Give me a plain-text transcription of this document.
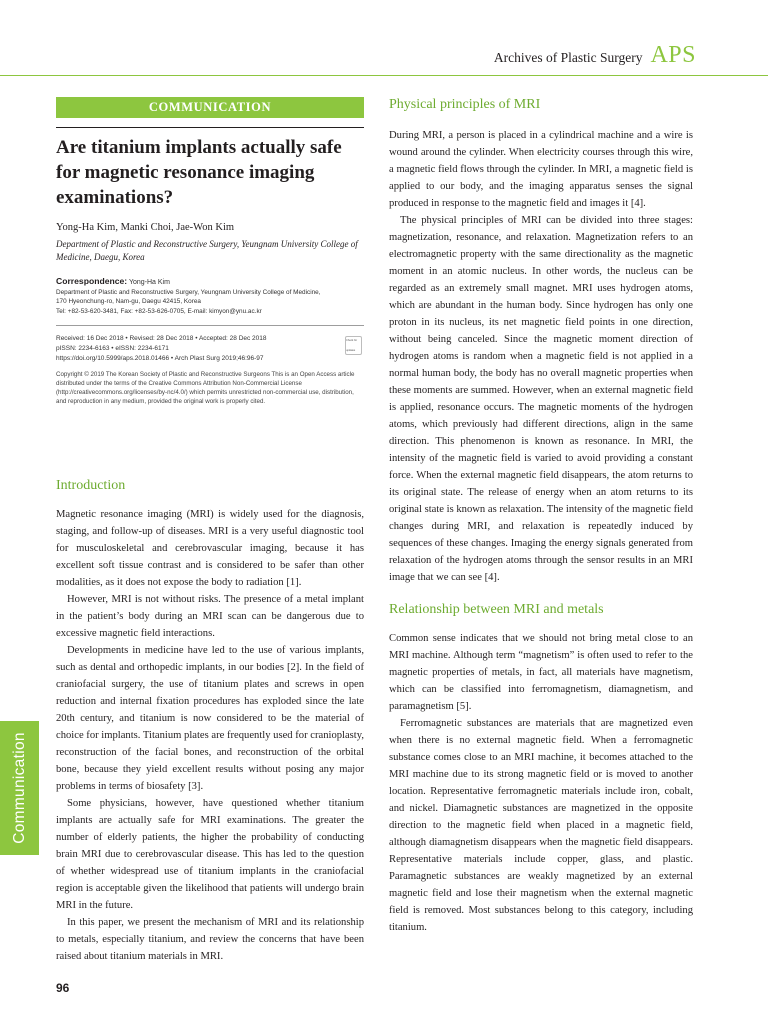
Archives of Plastic Surgery APS
COMMUNICATION
Are titanium implants actually safe for magnetic resonance imaging examinations?

Yong-Ha Kim, Manki Choi, Jae-Won Kim

Department of Plastic and Reconstructive Surgery, Yeungnam University College of Medicine, Daegu, Korea

Correspondence: Yong-Ha Kim
Department of Plastic and Reconstructive Surgery, Yeungnam University College of Medicine,
170 Hyeonchung-ro, Nam-gu, Daegu 42415, Korea
Tel: +82-53-620-3481, Fax: +82-53-626-0705, E-mail: kimyon@ynu.ac.kr
Received: 16 Dec 2018 • Revised: 28 Dec 2018 • Accepted: 28 Dec 2018
pISSN: 2234-6163 • eISSN: 2234-6171
https://doi.org/10.5999/aps.2018.01466 • Arch Plast Surg 2019;46:96-97
Check for updates
Copyright © 2019 The Korean Society of Plastic and Reconstructive Surgeons This is an Open Access article distributed under the terms of the Creative Commons Attribution Non-Commercial License (http://creativecommons.org/licenses/by-nc/4.0/) which permits unrestricted non-commercial use, distribution, and reproduction in any medium, provided the original work is properly cited.
Introduction

Magnetic resonance imaging (MRI) is widely used for the diagnosis, staging, and follow-up of diseases. MRI is a very useful diagnostic tool for musculoskeletal and cerebrovascular imaging, because it has excellent soft tissue contrast and is considered to be safer than other modalities, as it does not expose the body to radiation [1].

However, MRI is not without risks. The presence of a metal implant in the patient’s body during an MRI scan can be dangerous due to excessive magnetic field interactions.

Developments in medicine have led to the use of various implants, such as dental and orthopedic implants, in our bodies [2]. In the field of craniofacial surgery, the use of titanium plates and screws in open reduction and internal fixation procedures has exploded since the late 20th century, and titanium is now considered to be the material of choice for implants. Titanium plates are frequently used for cranioplasty, reconstruction of the facial bones, and reconstruction of the orbital bone, because they yield excellent results without posing any major problems in terms of biosafety [3].

Some physicians, however, have questioned whether titanium implants are actually safe for MRI examinations. The greater the number of elderly patients, the higher the probability of conducting brain MRI due to cerebrovascular disease. This has led to the question of whether widespread use of titanium implants in the craniofacial region is acceptable given the likelihood that patients will undergo brain MRI in the future.

In this paper, we present the mechanism of MRI and its relationship to metals, especially titanium, and review the concerns that have been raised about titanium materials in MRI.

Physical principles of MRI

During MRI, a person is placed in a cylindrical machine and a wire is wound around the cylinder. When electricity courses through this wire, a magnetic field flows through the cylinder. In MRI, a magnetic field is applied to our body, and the imaging apparatus senses the signal produced in response to the magnetic field and images it [4].

The physical principles of MRI can be divided into three stages: magnetization, resonance, and relaxation. Magnetization refers to an electromagnetic property with the same directionality as the magnetic moment in an atomic nucleus. In other words, the nucleus can be regarded as an extremely small magnet. MRI uses hydrogen atoms, which are abundant in the human body. Since hydrogen has only one proton in its nucleus, its net magnetic field points in one direction, without being canceled. Since the magnetic moment direction of hydrogen atoms is random when a magnetic field is not applied in a normal human body, the body has no overall magnetic properties when these moments are summed. However, when an external magnetic field is applied, resonance occurs. The magnetic moments of the hydrogen atoms, which previously had different directions, align in the same direction. This phenomenon is known as resonance. In MRI, the intensity of the magnetic field is varied to avoid providing a constant force. When the external magnetic field disappears, the atom returns to its original state. The release of energy when an atom returns to its original state is known as relaxation. The intensity of the magnetic field changes during MRI, and relaxation is repeatedly induced by sequences of these changes. Imaging the energy signals generated from relaxation of the hydrogen atoms through the sensor results in an MRI image that we can see [4].

Relationship between MRI and metals

Common sense indicates that we should not bring metal close to an MRI machine. Although term “magnetism” is often used to refer to the magnetic properties of metals, in fact, all materials have magnetism, which can be classified into ferromagnetism, diamagnetism, and paramagnetism [5].

Ferromagnetic substances are materials that are magnetized even when there is no external magnetic field. When a ferromagnetic substance comes close to an MRI machine, it becomes attached to the MRI machine due to its strong magnetic field or is moved to another location. Representative ferromagnetic materials include iron, cobalt, and nickel. Diamagnetic substances are magnetized in the opposite direction to the magnetic field when placed in a magnetic field, although diamagnetism disappears when the magnetic field disappears. Representative materials include copper, glass, and plastic. Paramagnetic substances are weakly magnetized by an external magnetic field and lose their magnetism when the external magnetic field is removed. Most substances belong to this category, including titanium.

Communication
96
